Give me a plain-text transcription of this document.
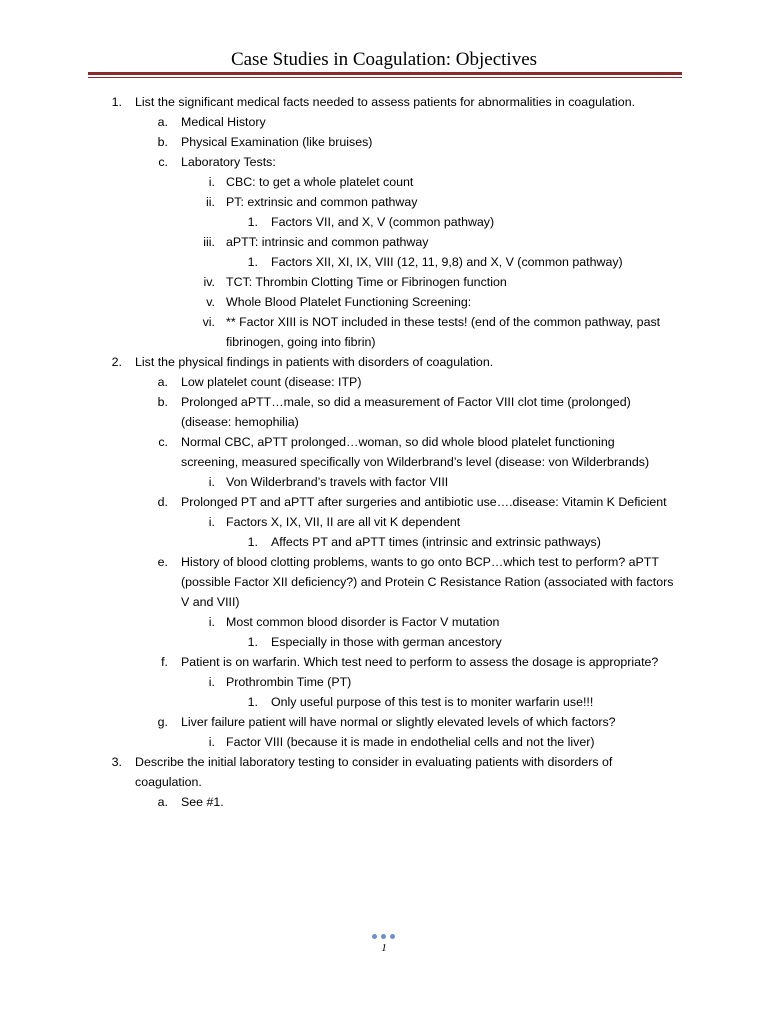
Case Studies in Coagulation: Objectives
1. List the significant medical facts needed to assess patients for abnormalities in coagulation.
a. Medical History
b. Physical Examination (like bruises)
c. Laboratory Tests:
i. CBC: to get a whole platelet count
ii. PT: extrinsic and common pathway
1. Factors VII, and X, V (common pathway)
iii. aPTT: intrinsic and common pathway
1. Factors XII, XI, IX, VIII (12, 11, 9,8) and X, V (common pathway)
iv. TCT: Thrombin Clotting Time or Fibrinogen function
v. Whole Blood Platelet Functioning Screening:
vi. ** Factor XIII is NOT included in these tests! (end of the common pathway, past
fibrinogen, going into fibrin)
2. List the physical findings in patients with disorders of coagulation.
a. Low platelet count (disease: ITP)
b. Prolonged aPTT…male, so did a measurement of Factor VIII clot time (prolonged)
(disease: hemophilia)
c. Normal CBC, aPTT prolonged…woman, so did whole blood platelet functioning
screening, measured specifically von Wilderbrand’s level (disease: von Wilderbrands)
i. Von Wilderbrand’s travels with factor VIII
d. Prolonged PT and aPTT after surgeries and antibiotic use….disease: Vitamin K Deficient
i. Factors X, IX, VII, II are all vit K dependent
1. Affects PT and aPTT times (intrinsic and extrinsic pathways)
e. History of blood clotting problems, wants to go onto BCP…which test to perform? aPTT
(possible Factor XII deficiency?) and Protein C Resistance Ration (associated with factors
V and VIII)
i. Most common blood disorder is Factor V mutation
1. Especially in those with german ancestory
f. Patient is on warfarin. Which test need to perform to assess the dosage is appropriate?
i. Prothrombin Time (PT)
1. Only useful purpose of this test is to moniter warfarin use!!!
g. Liver failure patient will have normal or slightly elevated levels of which factors?
i. Factor VIII (because it is made in endothelial cells and not the liver)
3. Describe the initial laboratory testing to consider in evaluating patients with disorders of
coagulation.
a. See #1.
1
